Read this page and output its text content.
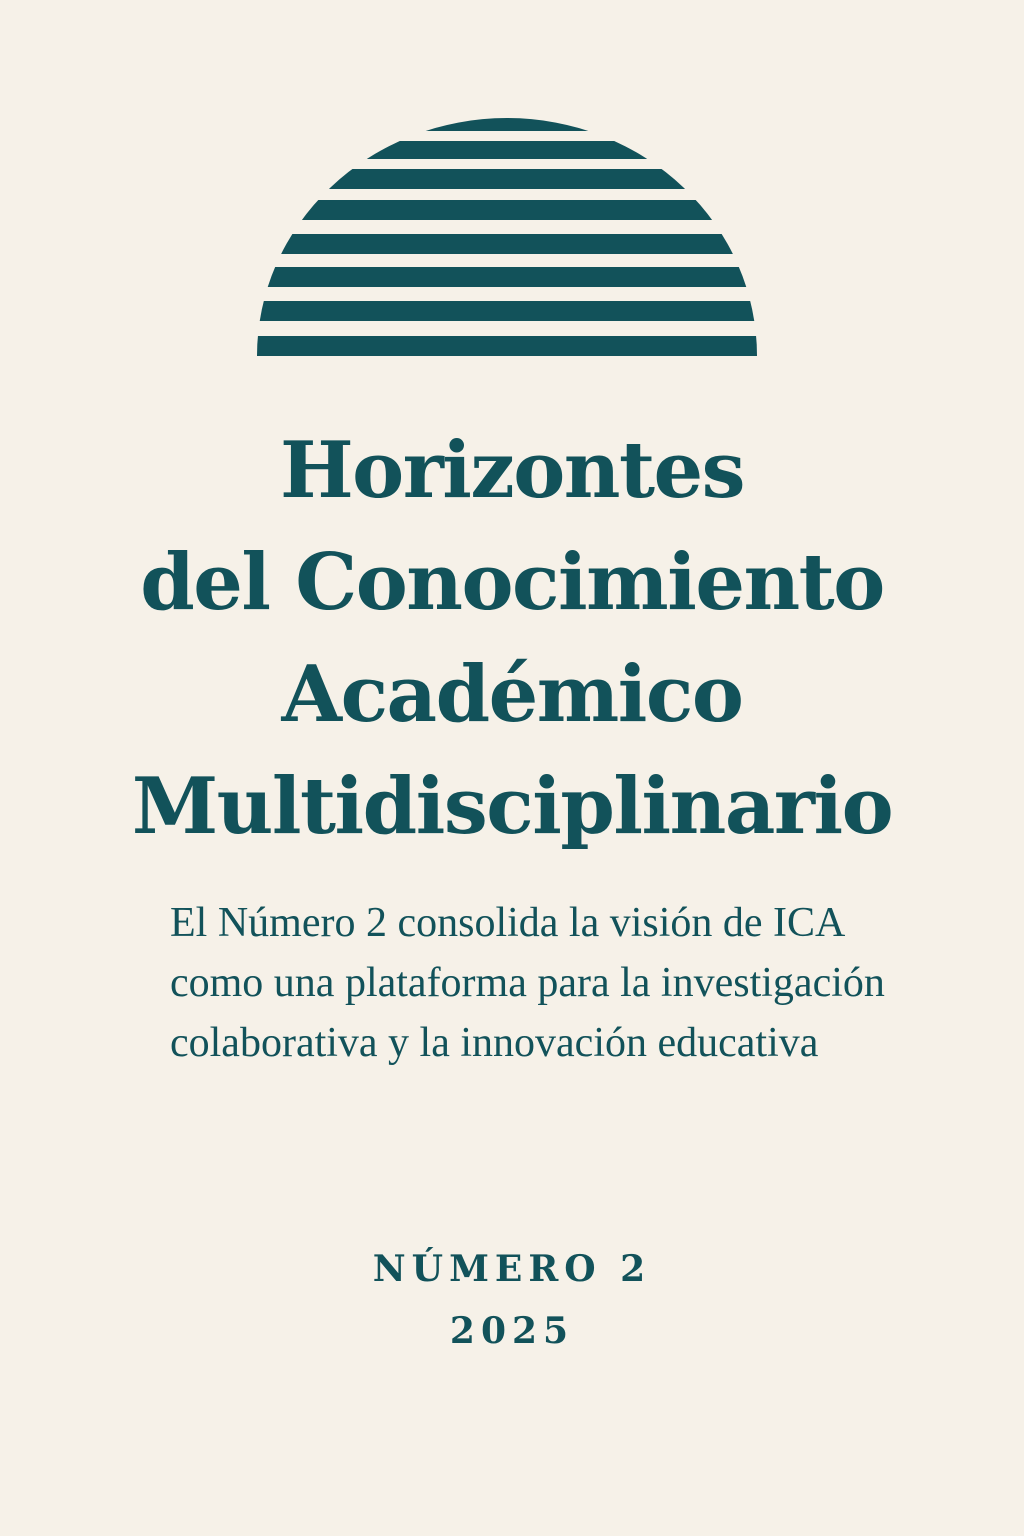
Horizontes
del Conocimiento
Académico
Multidisciplinario

El Número 2 consolida la visión de ICA como una plataforma para la investigación colaborativa y la innovación educativa

NÚMERO 2
2025
